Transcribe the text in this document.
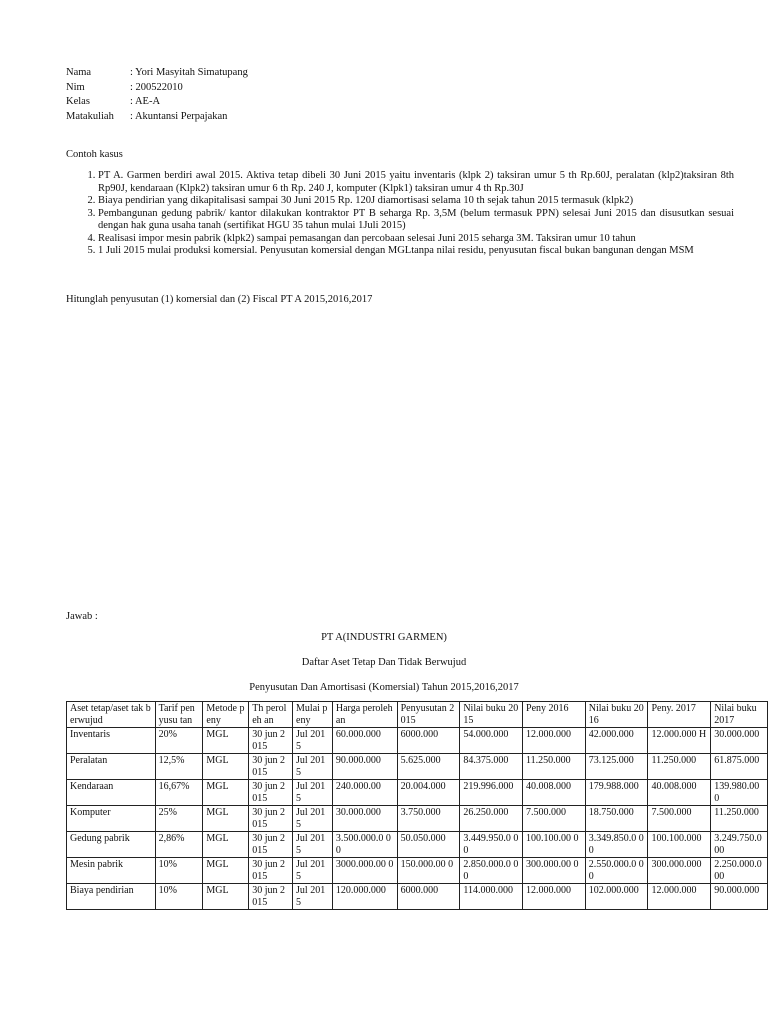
Nama	: Yori Masyitah Simatupang
Nim	: 200522010
Kelas	: AE-A
Matakuliah	: Akuntansi Perpajakan
Contoh kasus
1. PT A. Garmen berdiri awal 2015. Aktiva tetap dibeli 30 Juni 2015 yaitu inventaris (klpk 2) taksiran umur 5 th Rp.60J, peralatan (klp2)taksiran 8th Rp90J, kendaraan (Klpk2) taksiran umur 6 th Rp. 240 J, komputer (Klpk1) taksiran umur 4 th Rp.30J
2. Biaya pendirian yang dikapitalisasi sampai 30 Juni 2015 Rp. 120J diamortisasi selama 10 th sejak tahun 2015 termasuk (klpk2)
3. Pembangunan gedung pabrik/ kantor dilakukan kontraktor PT B seharga Rp. 3,5M (belum termasuk PPN) selesai Juni 2015 dan disusutkan sesuai dengan hak guna usaha tanah (sertifikat HGU 35 tahun mulai 1Juli 2015)
4. Realisasi impor mesin pabrik (klpk2) sampai pemasangan dan percobaan selesai Juni 2015 seharga 3M. Taksiran umur 10 tahun
5. 1 Juli 2015 mulai produksi komersial. Penyusutan komersial dengan MGLtanpa nilai residu, penyusutan fiscal bukan bangunan dengan MSM
Hitunglah penyusutan (1) komersial dan (2) Fiscal PT A 2015,2016,2017
Jawab :
PT A(INDUSTRI GARMEN)
Daftar Aset Tetap Dan Tidak Berwujud
Penyusutan Dan Amortisasi (Komersial) Tahun 2015,2016,2017
Aset tetap/aset tak berwujud	Tarif penyusu tan	Metode peny	Th peroleh an	Mulai peny	Harga perolehan	Penyusutan 2015	Nilai buku 2015	Peny 2016	Nilai buku 2016	Peny. 2017	Nilai buku 2017
Inventaris	20%	MGL	30 jun 2015	Jul 2015	60.000.000	6000.000	54.000.000	12.000.000	42.000.000	12.000.000 H	30.000.000
Peralatan	12,5%	MGL	30 jun 2015	Jul 2015	90.000.000	5.625.000	84.375.000	11.250.000	73.125.000	11.250.000	61.875.000
Kendaraan	16,67%	MGL	30 jun 2015	Jul 2015	240.000.00	20.004.000	219.996.000	40.008.000	179.988.000	40.008.000	139.980.000
Komputer	25%	MGL	30 jun 2015	Jul 2015	30.000.000	3.750.000	26.250.000	7.500.000	18.750.000	7.500.000	11.250.000
Gedung pabrik	2,86%	MGL	30 jun 2015	Jul 2015	3.500.000.0 00	50.050.000	3.449.950.0 00	100.100.00 0	3.349.850.0 00	100.100.000	3.249.750.0 00
Mesin pabrik	10%	MGL	30 jun 2015	Jul 2015	3000.000.00 0	150.000.00 0	2.850.000.0 00	300.000.00 0	2.550.000.0 00	300.000.000	2.250.000.0 00
Biaya pendirian	10%	MGL	30 jun 2015	Jul 2015	120.000.000	6000.000	114.000.000	12.000.000	102.000.000	12.000.000	90.000.000
